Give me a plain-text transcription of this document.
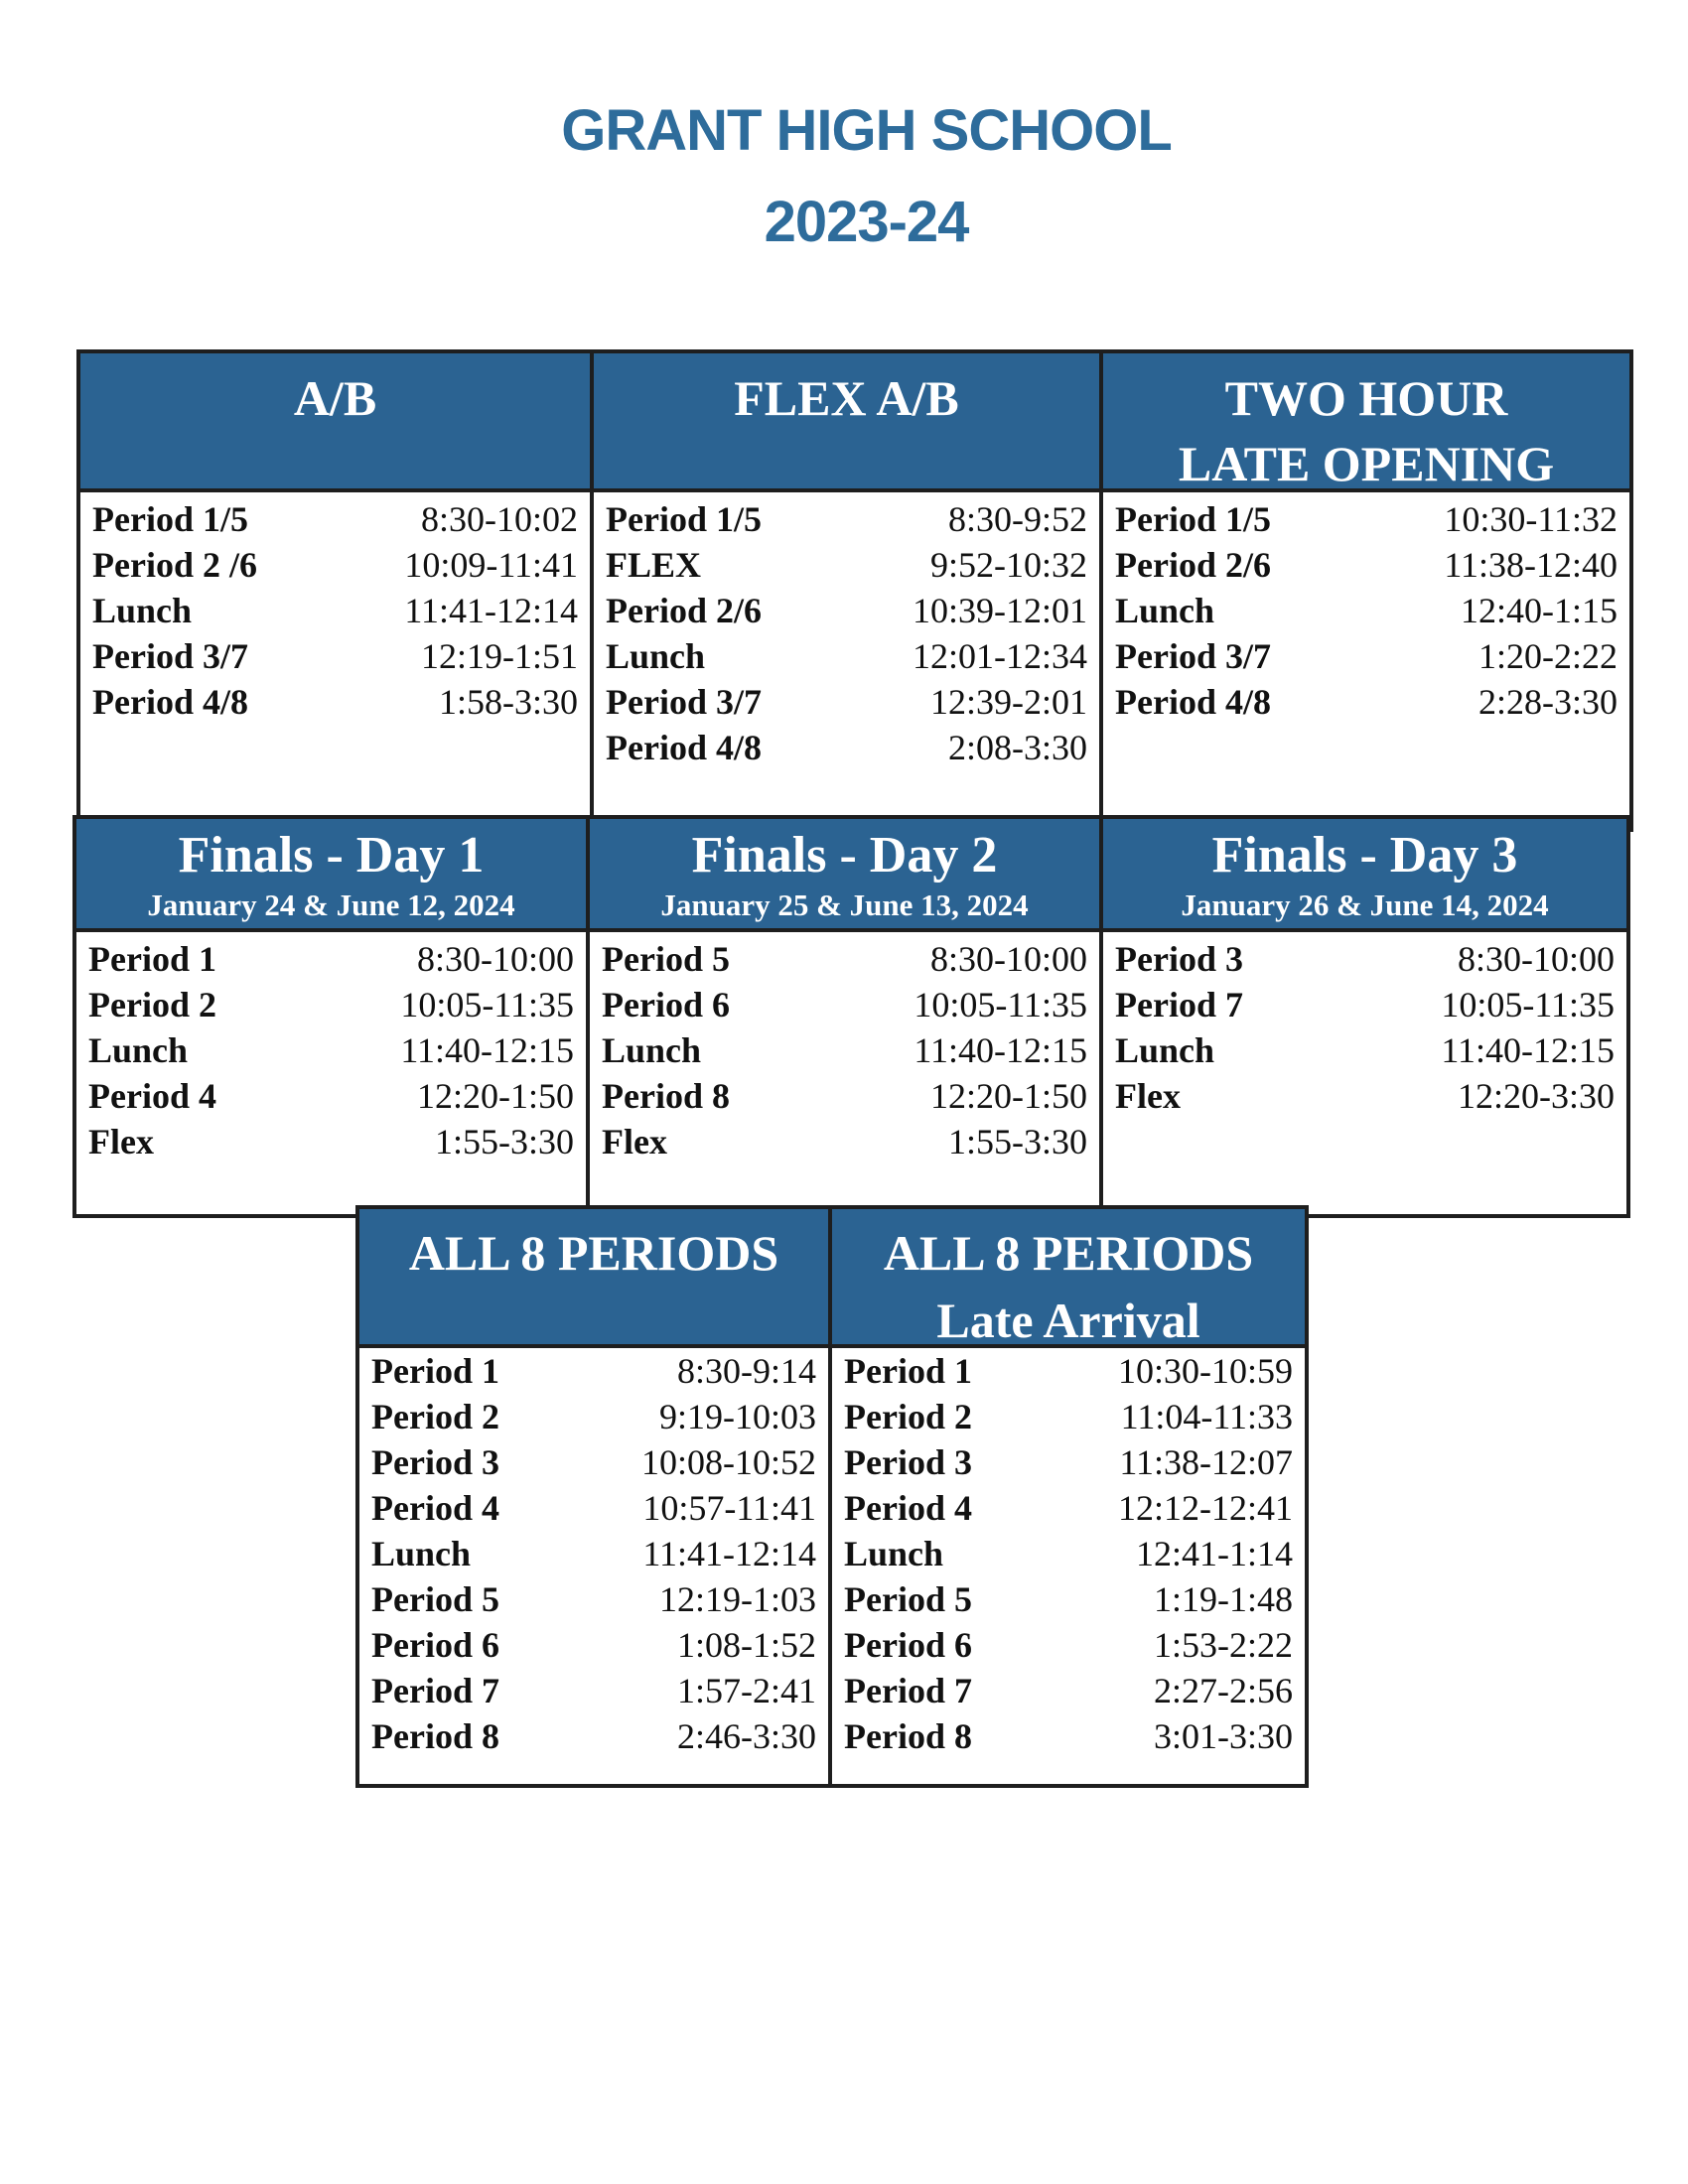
GRANT HIGH SCHOOL
2023-24
A/B
Period 1/5	8:30-10:02
Period 2 /6	10:09-11:41
Lunch	11:41-12:14
Period 3/7	12:19-1:51
Period 4/8	1:58-3:30
FLEX A/B
Period 1/5	8:30-9:52
FLEX	9:52-10:32
Period 2/6	10:39-12:01
Lunch	12:01-12:34
Period 3/7	12:39-2:01
Period 4/8	2:08-3:30
TWO HOUR
LATE OPENING
Period 1/5	10:30-11:32
Period 2/6	11:38-12:40
Lunch	12:40-1:15
Period 3/7	1:20-2:22
Period 4/8	2:28-3:30
Finals - Day 1
January 24 & June 12, 2024
Period 1	8:30-10:00
Period 2	10:05-11:35
Lunch	11:40-12:15
Period 4	12:20-1:50
Flex	1:55-3:30
Finals - Day 2
January 25 & June 13, 2024
Period 5	8:30-10:00
Period 6	10:05-11:35
Lunch	11:40-12:15
Period 8	12:20-1:50
Flex	1:55-3:30
Finals - Day 3
January 26 & June 14, 2024
Period 3	8:30-10:00
Period 7	10:05-11:35
Lunch	11:40-12:15
Flex	12:20-3:30
ALL 8 PERIODS
Period 1	8:30-9:14
Period 2	9:19-10:03
Period 3	10:08-10:52
Period 4	10:57-11:41
Lunch	11:41-12:14
Period 5	12:19-1:03
Period 6	1:08-1:52
Period 7	1:57-2:41
Period 8	2:46-3:30
ALL 8 PERIODS
Late Arrival
Period 1	10:30-10:59
Period 2	11:04-11:33
Period 3	11:38-12:07
Period 4	12:12-12:41
Lunch	12:41-1:14
Period 5	1:19-1:48
Period 6	1:53-2:22
Period 7	2:27-2:56
Period 8	3:01-3:30
